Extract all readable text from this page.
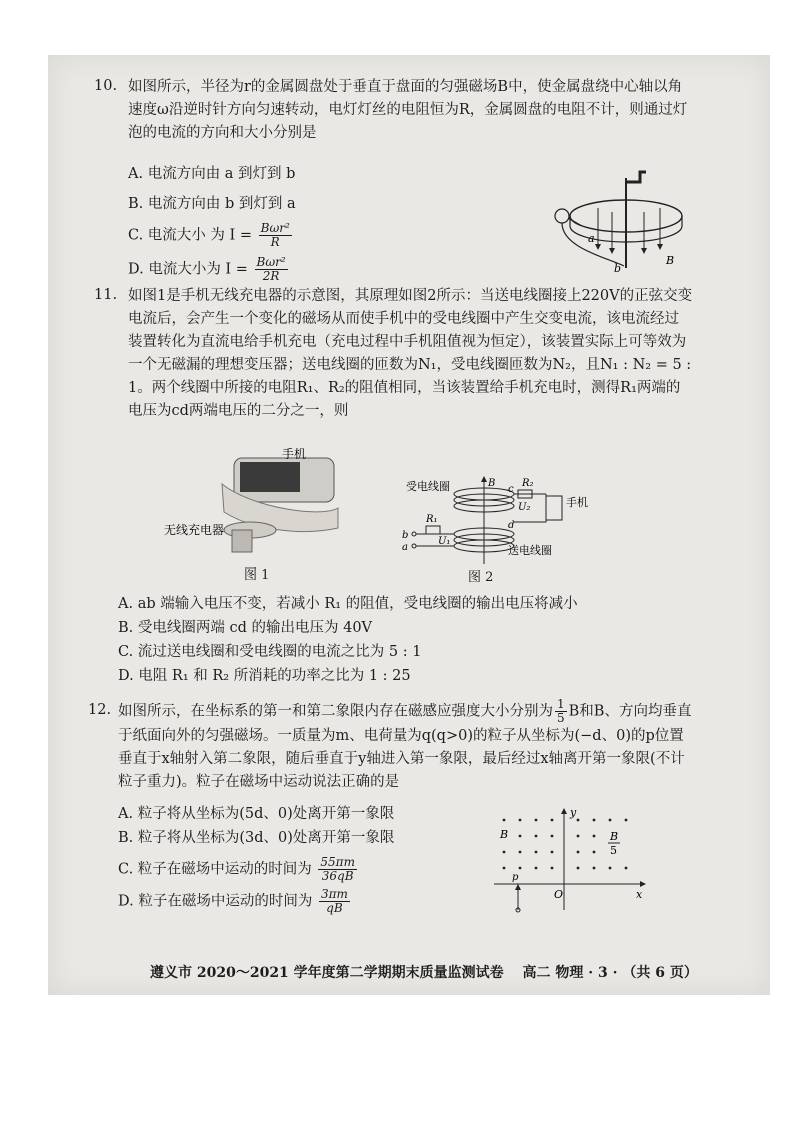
10. 如图所示，半径为r的金属圆盘处于垂直于盘面的匀强磁场B中，使金属盘绕中心轴以角速度ω沿逆时针方向匀速转动，电灯灯丝的电阻恒为R，金属圆盘的电阻不计，则通过灯泡的电流的方向和大小分别是
A. 电流方向由 a 到灯到 b
B. 电流方向由 b 到灯到 a
C. 电流大小 为 $I = \frac{\text{Bωr²}}{R}$
D. 电流大小为 $I = \frac{\text{Bωr²}}{2R}$
a
b
B
11. 如图1是手机无线充电器的示意图，其原理如图2所示：当送电线圈接上220V的正弦交变电流后，会产生一个变化的磁场从而使手机中的受电线圈中产生交变电流，该电流经过装置转化为直流电给手机充电（充电过程中手机阻值视为恒定），该装置实际上可等效为一个无磁漏的理想变压器；送电线圈的匝数为N₁，受电线圈匝数为N₂，且N₁ : N₂ = 5 : 1。两个线圈中所接的电阻R₁、R₂的阻值相同，当该装置给手机充电时，测得R₁两端的电压为cd两端电压的二分之一，则
手机
无线充电器
图 1
受电线圈
送电线圈
手机
R₂
R₁
U₂
U₁
c
d
b
a
B
图 2
A. ab 端输入电压不变，若减小 R₁ 的阻值，受电线圈的输出电压将减小
B. 受电线圈两端 cd 的输出电压为 40V
C. 流过送电线圈和受电线圈的电流之比为 5 : 1
D. 电阻 R₁ 和 R₂ 所消耗的功率之比为 1 : 25
12. 如图所示，在坐标系的第一和第二象限内存在磁感应强度大小分别为 $\frac{1}{5}$ B和B、方向均垂直于纸面向外的匀强磁场。一质量为m、电荷量为q(q>0)的粒子从坐标为(−d、0)的p位置垂直于x轴射入第二象限，随后垂直于y轴进入第一象限，最后经过x轴离开第一象限(不计粒子重力)。粒子在磁场中运动说法正确的是
A. 粒子将从坐标为(5d、0)处离开第一象限
B. 粒子将从坐标为(3d、0)处离开第一象限
C. 粒子在磁场中运动的时间为 $\frac{55\pi m}{36qB}$
D. 粒子在磁场中运动的时间为 $\frac{3\pi m}{qB}$
B	B
5
y
x
O
p
遵义市 2020～2021 学年度第二学期期末质量监测试卷　 高二 物理 · 3 · （共 6 页）
